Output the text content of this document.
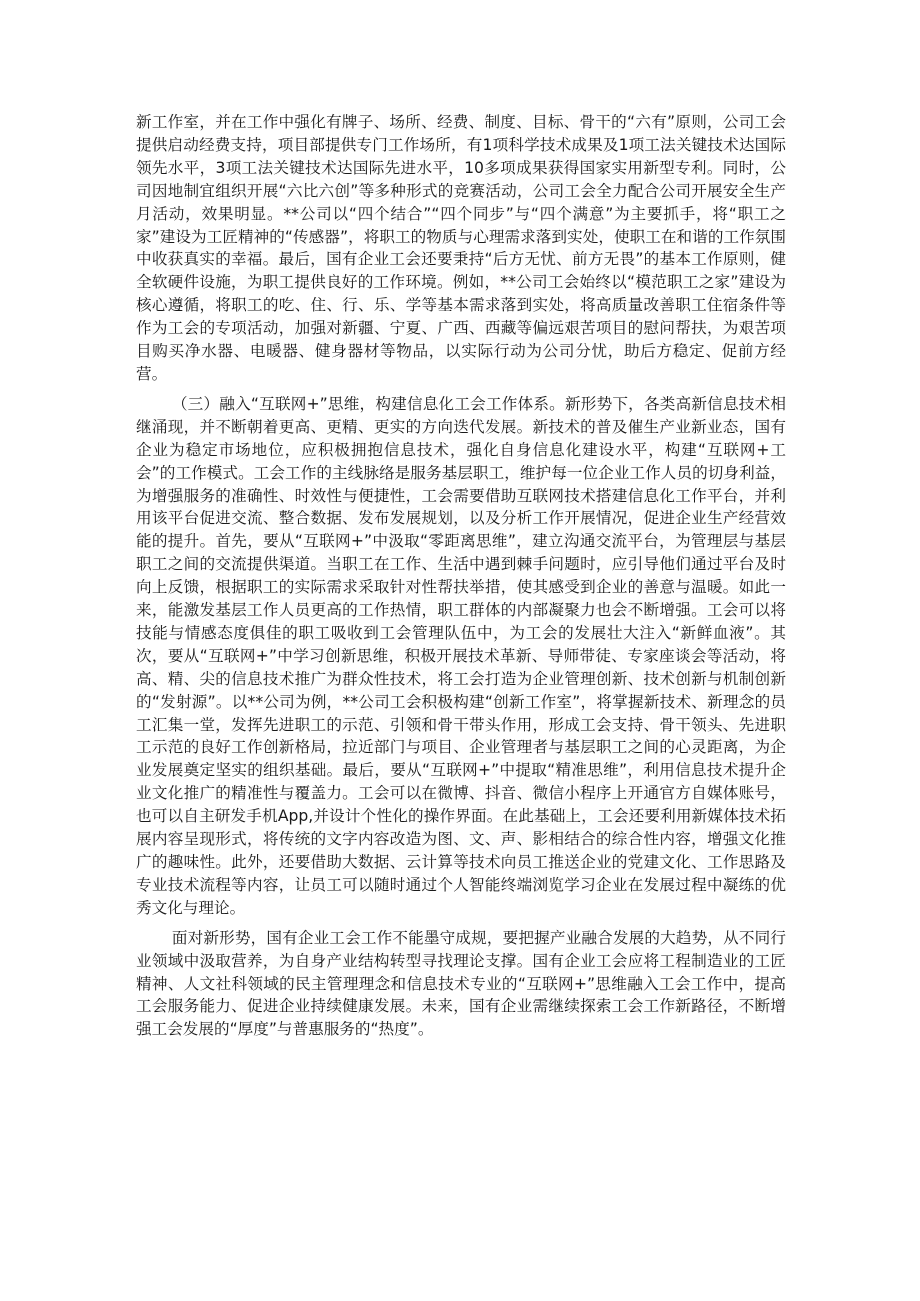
新工作室，并在工作中强化有牌子、场所、经费、制度、目标、骨干的“六有”原则，公司工会提供启动经费支持，项目部提供专门工作场所，有1项科学技术成果及1项工法关键技术达国际领先水平，3项工法关键技术达国际先进水平，10多项成果获得国家实用新型专利。同时，公司因地制宜组织开展“六比六创”等多种形式的竞赛活动，公司工会全力配合公司开展安全生产月活动，效果明显。**公司以“四个结合”“四个同步”与“四个满意”为主要抓手，将“职工之家”建设为工匠精神的“传感器”，将职工的物质与心理需求落到实处，使职工在和谐的工作氛围中收获真实的幸福。最后，国有企业工会还要秉持“后方无忧、前方无畏”的基本工作原则，健全软硬件设施，为职工提供良好的工作环境。例如，**公司工会始终以“模范职工之家”建设为核心遵循，将职工的吃、住、行、乐、学等基本需求落到实处，将高质量改善职工住宿条件等作为工会的专项活动，加强对新疆、宁夏、广西、西藏等偏远艰苦项目的慰问帮扶，为艰苦项目购买净水器、电暖器、健身器材等物品，以实际行动为公司分忧，助后方稳定、促前方经营。

（三）融入“互联网+”思维，构建信息化工会工作体系。新形势下，各类高新信息技术相继涌现，并不断朝着更高、更精、更实的方向迭代发展。新技术的普及催生产业新业态，国有企业为稳定市场地位，应积极拥抱信息技术，强化自身信息化建设水平，构建“互联网+工会”的工作模式。工会工作的主线脉络是服务基层职工，维护每一位企业工作人员的切身利益，为增强服务的准确性、时效性与便捷性，工会需要借助互联网技术搭建信息化工作平台，并利用该平台促进交流、整合数据、发布发展规划，以及分析工作开展情况，促进企业生产经营效能的提升。首先，要从“互联网+”中汲取“零距离思维”，建立沟通交流平台，为管理层与基层职工之间的交流提供渠道。当职工在工作、生活中遇到棘手问题时，应引导他们通过平台及时向上反馈，根据职工的实际需求采取针对性帮扶举措，使其感受到企业的善意与温暖。如此一来，能激发基层工作人员更高的工作热情，职工群体的内部凝聚力也会不断增强。工会可以将技能与情感态度俱佳的职工吸收到工会管理队伍中，为工会的发展壮大注入“新鲜血液”。其次，要从“互联网+”中学习创新思维，积极开展技术革新、导师带徒、专家座谈会等活动，将高、精、尖的信息技术推广为群众性技术，将工会打造为企业管理创新、技术创新与机制创新的“发射源”。以**公司为例，**公司工会积极构建“创新工作室”，将掌握新技术、新理念的员工汇集一堂，发挥先进职工的示范、引领和骨干带头作用，形成工会支持、骨干领头、先进职工示范的良好工作创新格局，拉近部门与项目、企业管理者与基层职工之间的心灵距离，为企业发展奠定坚实的组织基础。最后，要从“互联网+”中提取“精准思维”，利用信息技术提升企业文化推广的精准性与覆盖力。工会可以在微博、抖音、微信小程序上开通官方自媒体账号，也可以自主研发手机App,并设计个性化的操作界面。在此基础上，工会还要利用新媒体技术拓展内容呈现形式，将传统的文字内容改造为图、文、声、影相结合的综合性内容，增强文化推广的趣味性。此外，还要借助大数据、云计算等技术向员工推送企业的党建文化、工作思路及专业技术流程等内容，让员工可以随时通过个人智能终端浏览学习企业在发展过程中凝练的优秀文化与理论。

面对新形势，国有企业工会工作不能墨守成规，要把握产业融合发展的大趋势，从不同行业领域中汲取营养，为自身产业结构转型寻找理论支撑。国有企业工会应将工程制造业的工匠精神、人文社科领域的民主管理理念和信息技术专业的“互联网+”思维融入工会工作中，提高工会服务能力、促进企业持续健康发展。未来，国有企业需继续探索工会工作新路径，不断增强工会发展的“厚度”与普惠服务的“热度”。
